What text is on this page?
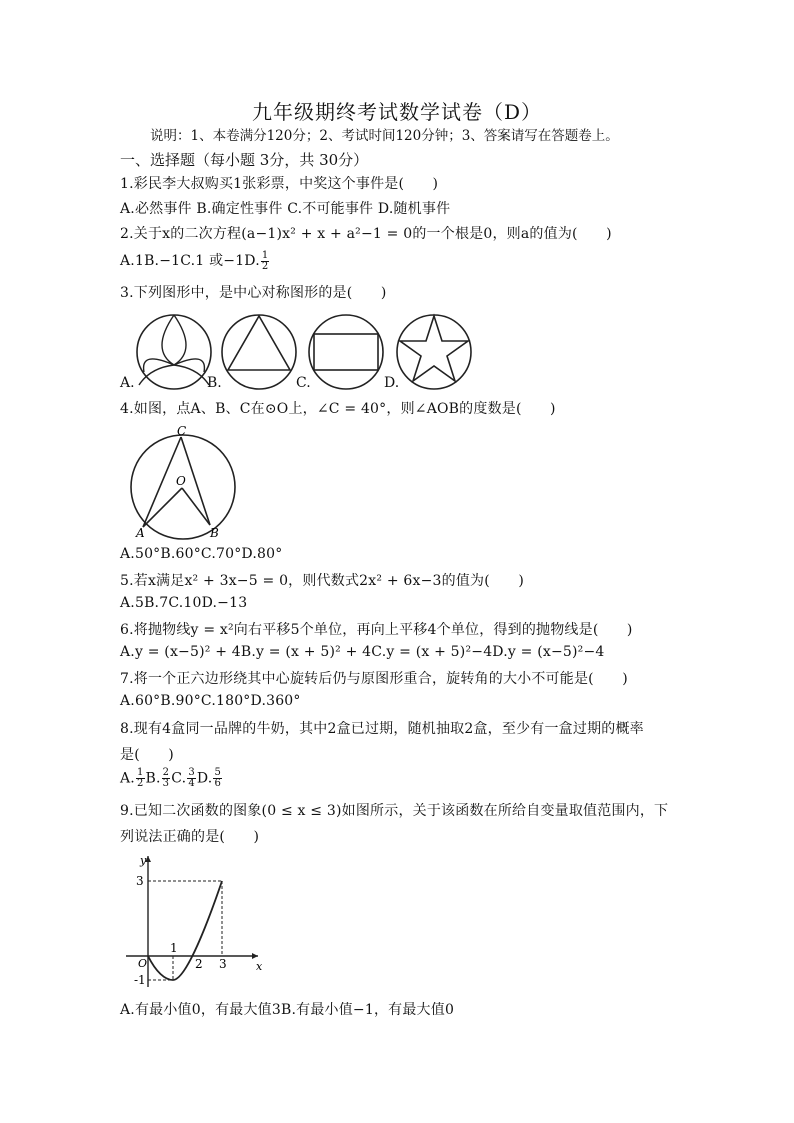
九年级期终考试数学试卷（D）
说明：1、本卷满分120分；2、考试时间120分钟；3、答案请写在答题卷上。
一、选择题（每小题 3分，共 30分）
1.彩民李大叔购买1张彩票，中奖这个事件是(　　)
A.必然事件 B.确定性事件 C.不可能事件 D.随机事件
2.关于x的二次方程(a−1)x² + x + a²−1 = 0的一个根是0，则a的值为(　　)
A.1B.−1C.1 或−1D. $\frac{1}{2}$
3.下列图形中，是中心对称图形的是(　　)
A.	B.	C.	D.
4.如图，点A、B、C在⊙O上，∠C = 40°，则∠AOB的度数是(　　)
C
O
A	B
A.50°B.60°C.70°D.80°
5.若x满足x² + 3x−5 = 0，则代数式2x² + 6x−3的值为(　　)
A.5B.7C.10D.−13
6.将抛物线y = x²向右平移5个单位，再向上平移4个单位，得到的抛物线是(　　)
A.y = (x−5)² + 4B.y = (x + 5)² + 4C.y = (x + 5)²−4D.y = (x−5)²−4
7.将一个正六边形绕其中心旋转后仍与原图形重合，旋转角的大小不可能是(　　)
A.60°B.90°C.180°D.360°
8.现有4盒同一品牌的牛奶，其中2盒已过期，随机抽取2盒，至少有一盒过期的概率
是(　　)
A. $\frac{1}{2} B$. $\frac{2}{3} C$. $\frac{3}{4} D$. $\frac{5}{6}$
9.已知二次函数的图象(0 ≤ x ≤ 3)如图所示，关于该函数在所给自变量取值范围内，下
列说法正确的是(　　)
y
x
O
3
-1
1
2 3
A.有最小值0，有最大值3B.有最小值−1，有最大值0
